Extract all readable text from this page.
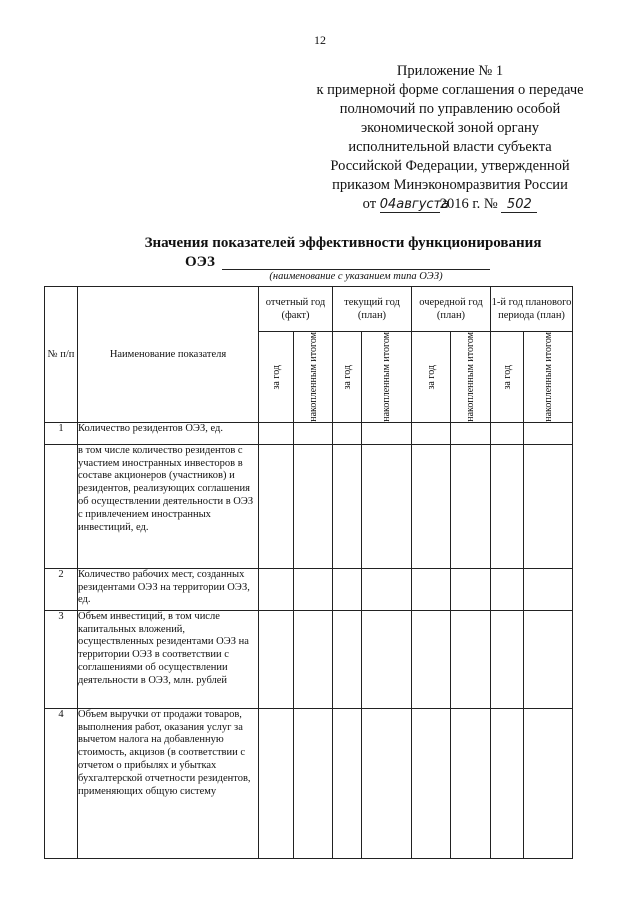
12
Приложение № 1
к примерной форме соглашения о передаче
полномочий по управлению особой
экономической зоной органу
исполнительной власти субъекта
Российской Федерации, утвержденной
приказом Минэкономразвития России
от 04августа2016 г. № 502
Значения показателей эффективности функционирования
ОЭЗ
(наименование с указанием типа ОЭЗ)
№ п/п	Наименование показателя	отчетный год (факт)		текущий год (план)		очередной год (план)		1-й год планового периода (план)	

		за год	накопленным итогом	за год	накопленным итогом	за год	накопленным итогом	за год	накопленным итогом

1	Количество резидентов ОЭЗ, ед.								
	в том числе количество резидентов с участием иностранных инвесторов в составе акционеров (участников) и резидентов, реализующих соглашения об осуществлении деятельности в ОЭЗ с привлечением иностранных инвестиций, ед.								
2	Количество рабочих мест, созданных резидентами ОЭЗ на территории ОЭЗ, ед.								
3	Объем инвестиций, в том числе капитальных вложений, осуществленных резидентами ОЭЗ на территории ОЭЗ в соответствии с соглашениями об осуществлении деятельности в ОЭЗ, млн. рублей								
4	Объем выручки от продажи товаров, выполнения работ, оказания услуг за вычетом налога на добавленную стоимость, акцизов (в соответствии с отчетом о прибылях и убытках бухгалтерской отчетности резидентов, применяющих общую систему								
